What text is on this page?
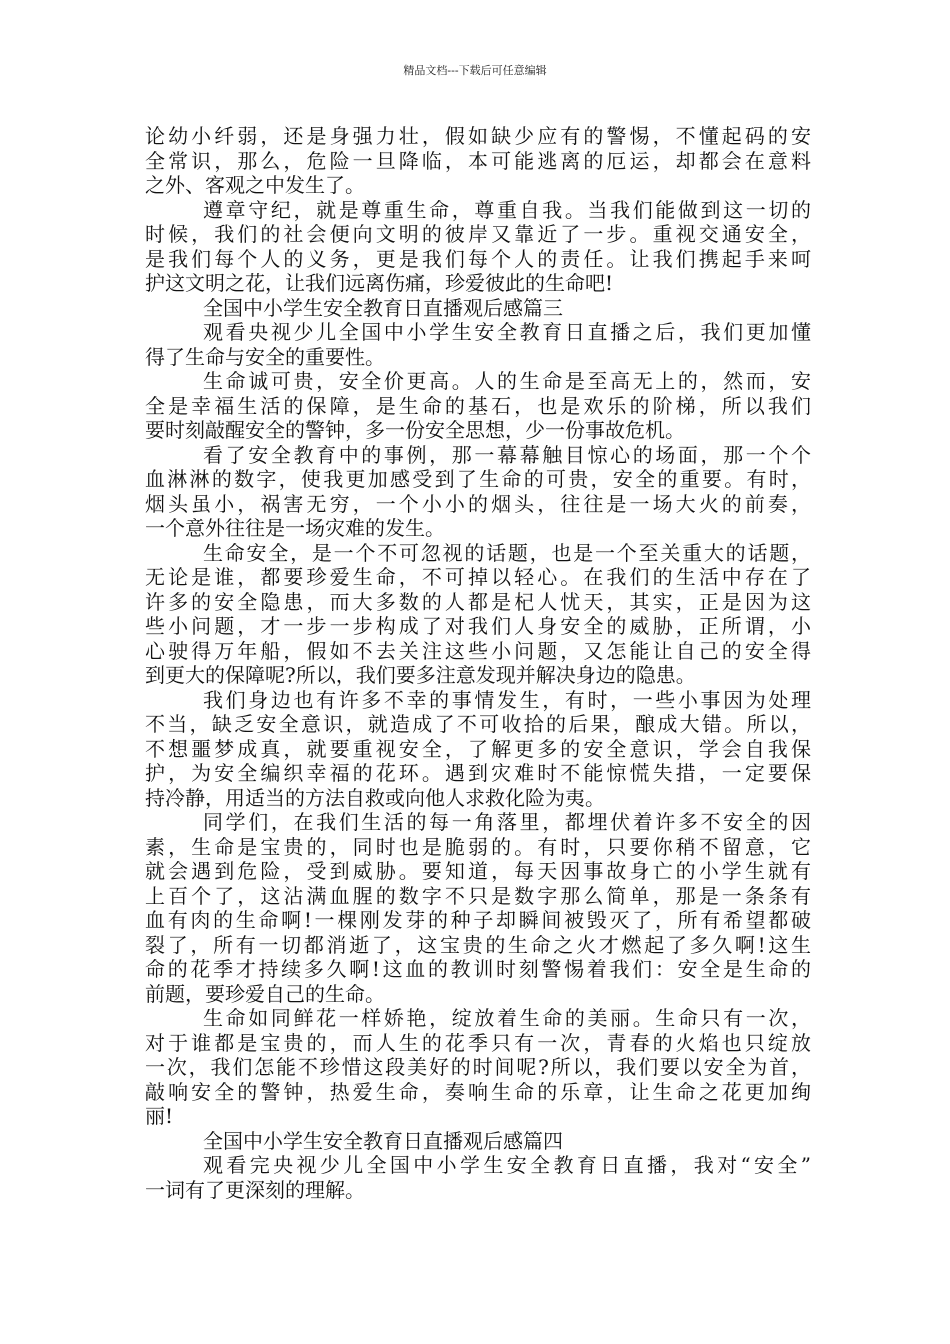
精品文档---下载后可任意编辑
论幼小纤弱，还是身强力壮，假如缺少应有的警惕，不懂起码的安
全常识，那么，危险一旦降临，本可能逃离的厄运，却都会在意料
之外、客观之中发生了。
遵章守纪，就是尊重生命，尊重自我。当我们能做到这一切的
时候，我们的社会便向文明的彼岸又靠近了一步。重视交通安全，
是我们每个人的义务，更是我们每个人的责任。让我们携起手来呵
护这文明之花，让我们远离伤痛，珍爱彼此的生命吧!
全国中小学生安全教育日直播观后感篇三
观看央视少儿全国中小学生安全教育日直播之后，我们更加懂
得了生命与安全的重要性。
生命诚可贵，安全价更高。人的生命是至高无上的，然而，安
全是幸福生活的保障，是生命的基石，也是欢乐的阶梯，所以我们
要时刻敲醒安全的警钟，多一份安全思想，少一份事故危机。
看了安全教育中的事例，那一幕幕触目惊心的场面，那一个个
血淋淋的数字，使我更加感受到了生命的可贵，安全的重要。有时，
烟头虽小，祸害无穷，一个小小的烟头，往往是一场大火的前奏，
一个意外往往是一场灾难的发生。
生命安全，是一个不可忽视的话题，也是一个至关重大的话题，
无论是谁，都要珍爱生命，不可掉以轻心。在我们的生活中存在了
许多的安全隐患，而大多数的人都是杞人忧天，其实，正是因为这
些小问题，才一步一步构成了对我们人身安全的威胁，正所谓，小
心驶得万年船，假如不去关注这些小问题，又怎能让自己的安全得
到更大的保障呢?所以，我们要多注意发现并解决身边的隐患。
我们身边也有许多不幸的事情发生，有时，一些小事因为处理
不当，缺乏安全意识，就造成了不可收拾的后果，酿成大错。所以，
不想噩梦成真，就要重视安全，了解更多的安全意识，学会自我保
护，为安全编织幸福的花环。遇到灾难时不能惊慌失措，一定要保
持冷静，用适当的方法自救或向他人求救化险为夷。
同学们，在我们生活的每一角落里，都埋伏着许多不安全的因
素，生命是宝贵的，同时也是脆弱的。有时，只要你稍不留意，它
就会遇到危险，受到威胁。要知道，每天因事故身亡的小学生就有
上百个了，这沾满血腥的数字不只是数字那么简单，那是一条条有
血有肉的生命啊!一棵刚发芽的种子却瞬间被毁灭了，所有希望都破
裂了，所有一切都消逝了，这宝贵的生命之火才燃起了多久啊!这生
命的花季才持续多久啊!这血的教训时刻警惕着我们：安全是生命的
前题，要珍爱自己的生命。
生命如同鲜花一样娇艳，绽放着生命的美丽。生命只有一次，
对于谁都是宝贵的，而人生的花季只有一次，青春的火焰也只绽放
一次，我们怎能不珍惜这段美好的时间呢?所以，我们要以安全为首，
敲响安全的警钟，热爱生命，奏响生命的乐章，让生命之花更加绚
丽!
全国中小学生安全教育日直播观后感篇四
观看完央视少儿全国中小学生安全教育日直播，我对“安全”
一词有了更深刻的理解。
